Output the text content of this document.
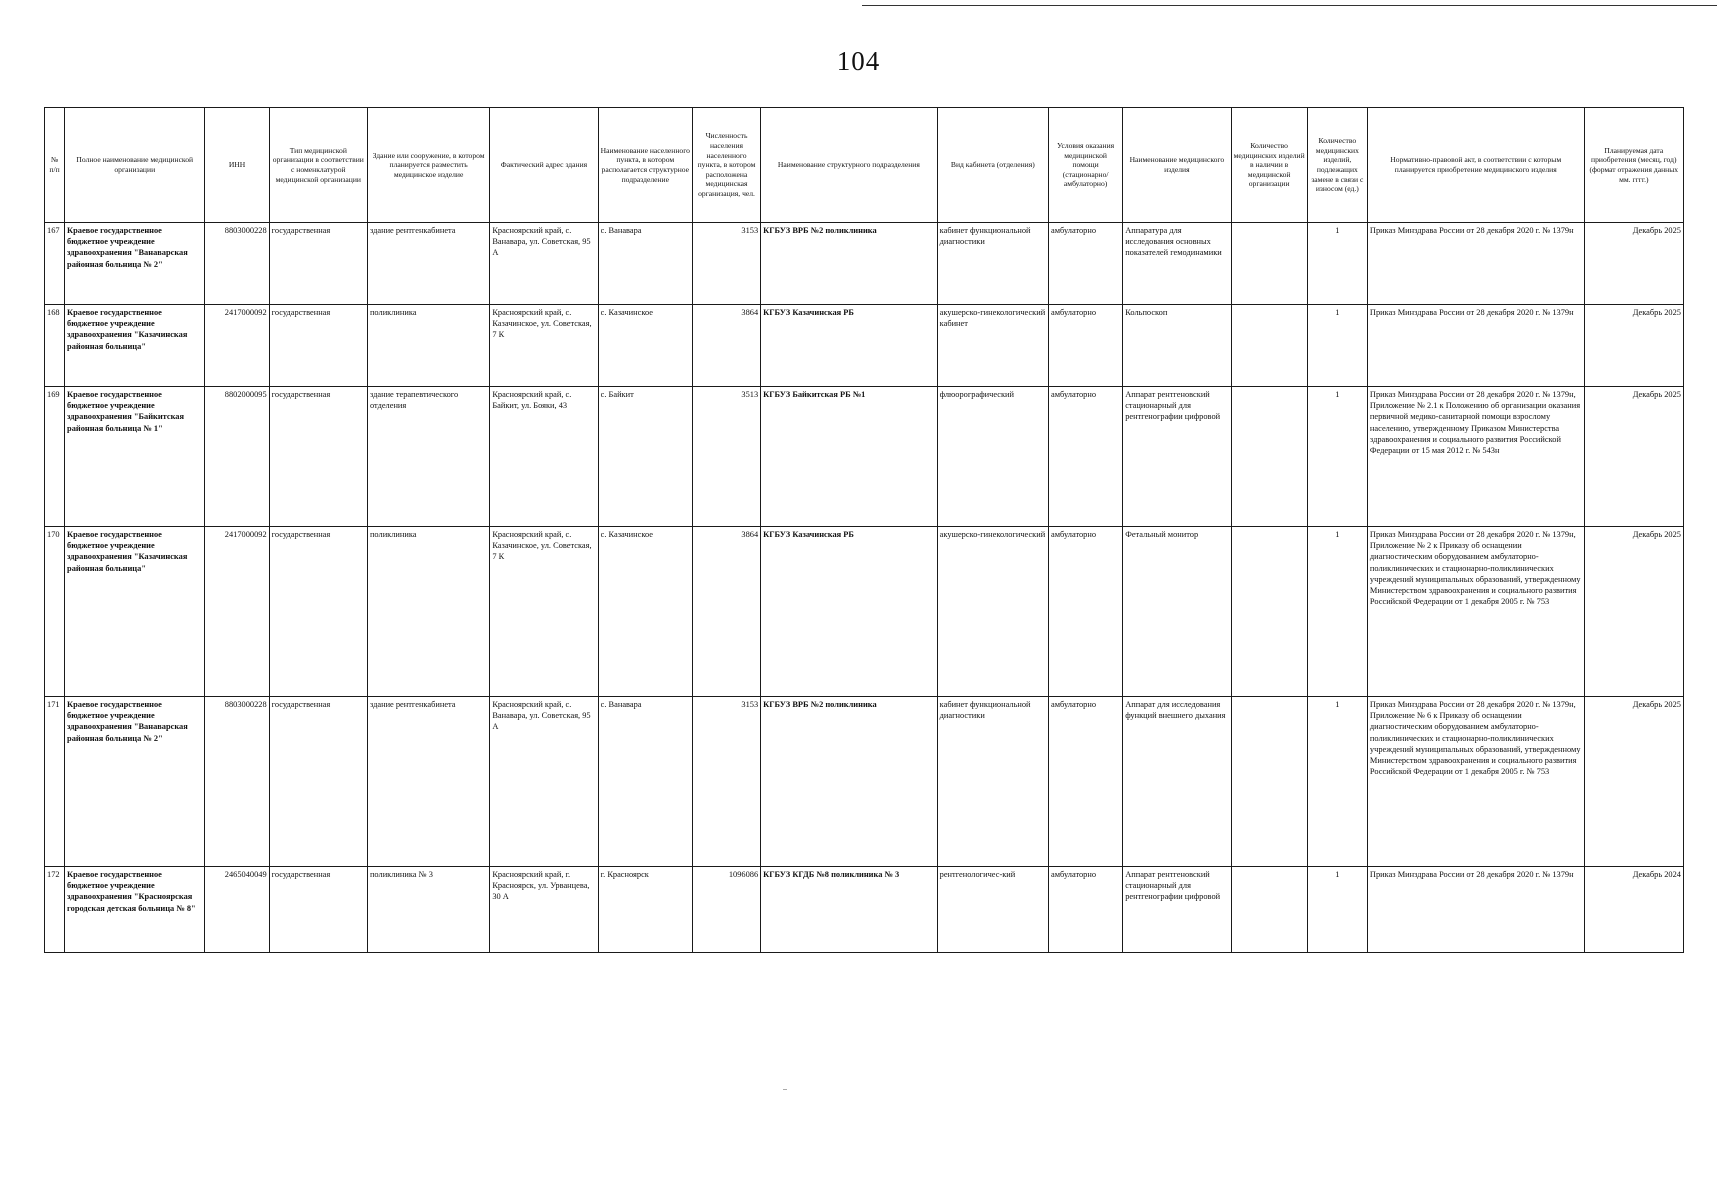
104
№ п/п	Полное наименование медицинской организации	ИНН	Тип медицинской организации в соответствии с номенклатурой медицинской организации	Здание или сооружение, в котором планируется разместить медицинское изделие	Фактический адрес здания	Наименование населенного пункта, в котором располагается структурное подразделение	Численность населения населенного пункта, в котором расположена медицинская организация, чел.	Наименование структурного подразделения	Вид кабинета (отделения)	Условия оказания медицинской помощи (стационарно/ амбулаторно)	Наименование медицинского изделия	Количество медицинских изделий в наличии в медицинской организации	Количество медицинских изделий, подлежащих замене в связи с износом (ед.)	Нормативно-правовой акт, в соответствии с которым планируется приобретение медицинского изделия	Планируемая дата приобретения (месяц, год) (формат отражения данных мм. гггг.)
167	Краевое государственное бюджетное учреждение здравоохранения "Ванаварская районная больница № 2"	8803000228	государственная	здание рентгенкабинета	Красноярский край, с. Ванавара, ул. Советская, 95 А	с. Ванавара	3153	КГБУЗ ВРБ №2 поликлиника	кабинет функциональной диагностики	амбулаторно	Аппаратура для исследования основных показателей гемодинамики		1	Приказ Минздрава России от 28 декабря 2020 г. № 1379н	Декабрь 2025
168	Краевое государственное бюджетное учреждение здравоохранения "Казачинская районная больница"	2417000092	государственная	поликлиника	Красноярский край, с. Казачинское, ул. Советская, 7 К	с. Казачинское	3864	КГБУЗ Казачинская РБ	акушерско-гинекологический кабинет	амбулаторно	Кольпоскоп		1	Приказ Минздрава России от 28 декабря 2020 г. № 1379н	Декабрь 2025
169	Краевое государственное бюджетное учреждение здравоохранения "Байкитская районная больница № 1"	8802000095	государственная	здание терапевтического отделения	Красноярский край, с. Байкит, ул. Бояки, 43	с. Байкит	3513	КГБУЗ Байкитская РБ №1	флюорографический	амбулаторно	Аппарат рентгеновский стационарный для рентгенографии цифровой		1	Приказ Минздрава России от 28 декабря 2020 г. № 1379н, Приложение № 2.1 к Положению об организации оказания первичной медико-санитарной помощи взрослому населению, утвержденному Приказом Министерства здравоохранения и социального развития Российской Федерации от 15 мая 2012 г. № 543н	Декабрь 2025
170	Краевое государственное бюджетное учреждение здравоохранения "Казачинская районная больница"	2417000092	государственная	поликлиника	Красноярский край, с. Казачинское, ул. Советская, 7 К	с. Казачинское	3864	КГБУЗ Казачинская РБ	акушерско-гинекологический	амбулаторно	Фетальный монитор		1	Приказ Минздрава России от 28 декабря 2020 г. № 1379н, Приложение № 2 к Приказу об оснащении диагностическим оборудованием амбулаторно-поликлинических и стационарно-поликлинических учреждений муниципальных образований, утвержденному Министерством здравоохранения и социального развития Российской Федерации от 1 декабря 2005 г. № 753	Декабрь 2025
171	Краевое государственное бюджетное учреждение здравоохранения "Ванаварская районная больница № 2"	8803000228	государственная	здание рентгенкабинета	Красноярский край, с. Ванавара, ул. Советская, 95 А	с. Ванавара	3153	КГБУЗ ВРБ №2 поликлиника	кабинет функциональной диагностики	амбулаторно	Аппарат для исследования функций внешнего дыхания		1	Приказ Минздрава России от 28 декабря 2020 г. № 1379н, Приложение № 6 к Приказу об оснащении диагностическим оборудованием амбулаторно-поликлинических и стационарно-поликлинических учреждений муниципальных образований, утвержденному Министерством здравоохранения и социального развития Российской Федерации от 1 декабря 2005 г. № 753	Декабрь 2025
172	Краевое государственное бюджетное учреждение здравоохранения "Красноярская городская детская больница № 8"	2465040049	государственная	поликлиника № 3	Красноярский край, г. Красноярск, ул. Урванцева, 30 А	г. Красноярск	1096086	КГБУЗ КГДБ №8 поликлиника № 3	рентгенологичес-кий	амбулаторно	Аппарат рентгеновский стационарный для рентгенографии цифровой		1	Приказ Минздрава России от 28 декабря 2020 г. № 1379н	Декабрь 2024
